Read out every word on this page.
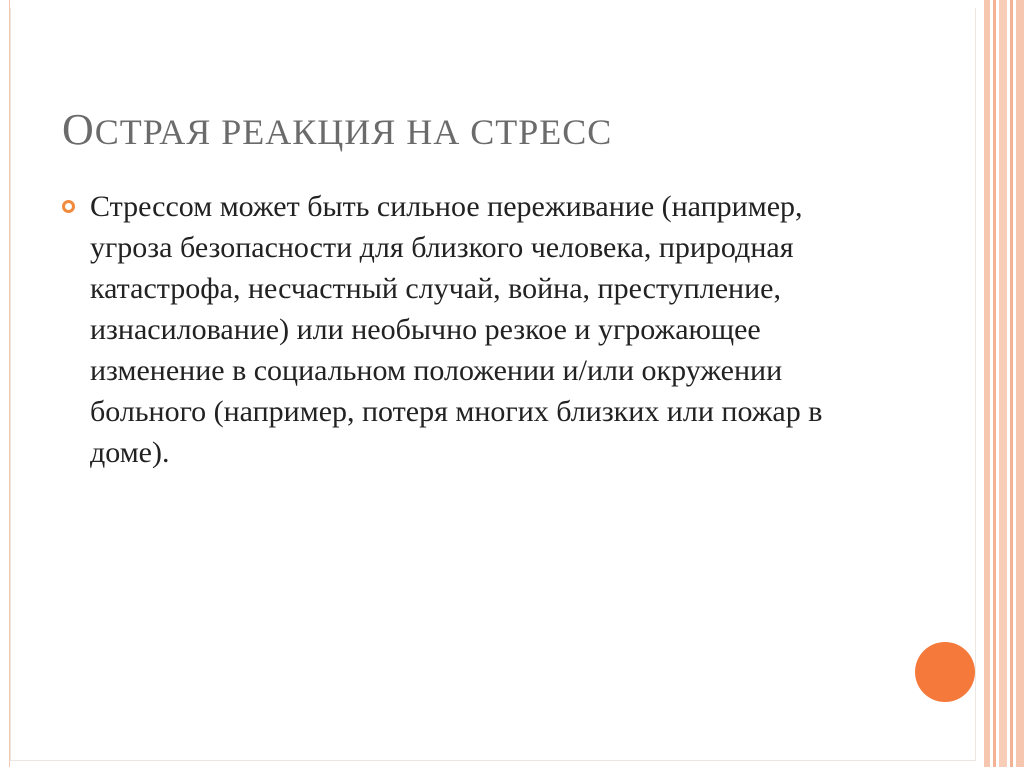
ОСТРАЯ РЕАКЦИЯ НА СТРЕСС
Стрессом может быть сильное переживание (например, угроза безопасности для близкого человека, природная катастрофа, несчастный случай, война, преступление, изнасилование) или необычно резкое и угрожающее изменение в социальном положении и/или окружении больного (например, потеря многих близких или пожар в доме).
